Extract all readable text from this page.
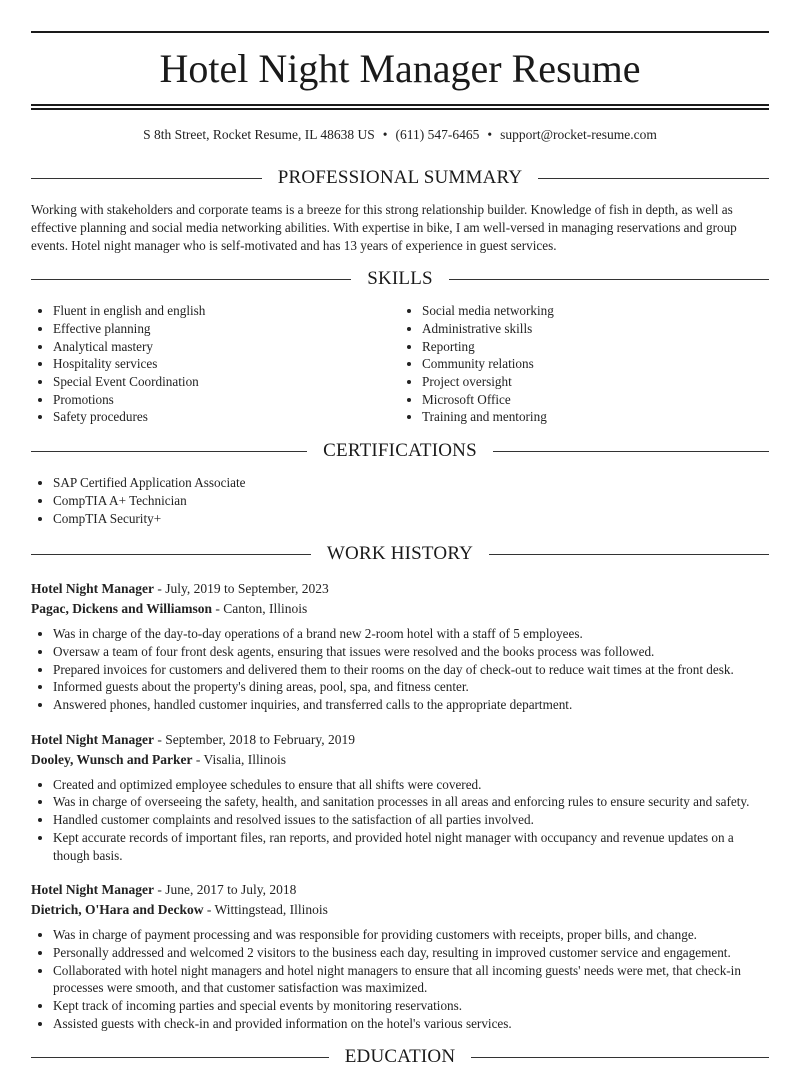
Hotel Night Manager Resume
S 8th Street, Rocket Resume, IL 48638 US • (611) 547-6465 • support@rocket-resume.com
PROFESSIONAL SUMMARY

Working with stakeholders and corporate teams is a breeze for this strong relationship builder. Knowledge of fish in depth, as well as effective planning and social media networking abilities. With expertise in bike, I am well-versed in managing reservations and group events. Hotel night manager who is self-motivated and has 13 years of experience in guest services.

SKILLS
• Fluent in english and english
• Effective planning
• Analytical mastery
• Hospitality services
• Special Event Coordination
• Promotions
• Safety procedures
• Social media networking
• Administrative skills
• Reporting
• Community relations
• Project oversight
• Microsoft Office
• Training and mentoring
CERTIFICATIONS
• SAP Certified Application Associate
• CompTIA A+ Technician
• CompTIA Security+
WORK HISTORY
Hotel Night Manager - July, 2019 to September, 2023
Pagac, Dickens and Williamson - Canton, Illinois
• Was in charge of the day-to-day operations of a brand new 2-room hotel with a staff of 5 employees.
• Oversaw a team of four front desk agents, ensuring that issues were resolved and the books process was followed.
• Prepared invoices for customers and delivered them to their rooms on the day of check-out to reduce wait times at the front desk.
• Informed guests about the property's dining areas, pool, spa, and fitness center.
• Answered phones, handled customer inquiries, and transferred calls to the appropriate department.
Hotel Night Manager - September, 2018 to February, 2019
Dooley, Wunsch and Parker - Visalia, Illinois
• Created and optimized employee schedules to ensure that all shifts were covered.
• Was in charge of overseeing the safety, health, and sanitation processes in all areas and enforcing rules to ensure security and safety.
• Handled customer complaints and resolved issues to the satisfaction of all parties involved.
• Kept accurate records of important files, ran reports, and provided hotel night manager with occupancy and revenue updates on a though basis.
Hotel Night Manager - June, 2017 to July, 2018
Dietrich, O'Hara and Deckow - Wittingstead, Illinois
• Was in charge of payment processing and was responsible for providing customers with receipts, proper bills, and change.
• Personally addressed and welcomed 2 visitors to the business each day, resulting in improved customer service and engagement.
• Collaborated with hotel night managers and hotel night managers to ensure that all incoming guests' needs were met, that check-in processes were smooth, and that customer satisfaction was maximized.
• Kept track of incoming parties and special events by monitoring reservations.
• Assisted guests with check-in and provided information on the hotel's various services.
EDUCATION
